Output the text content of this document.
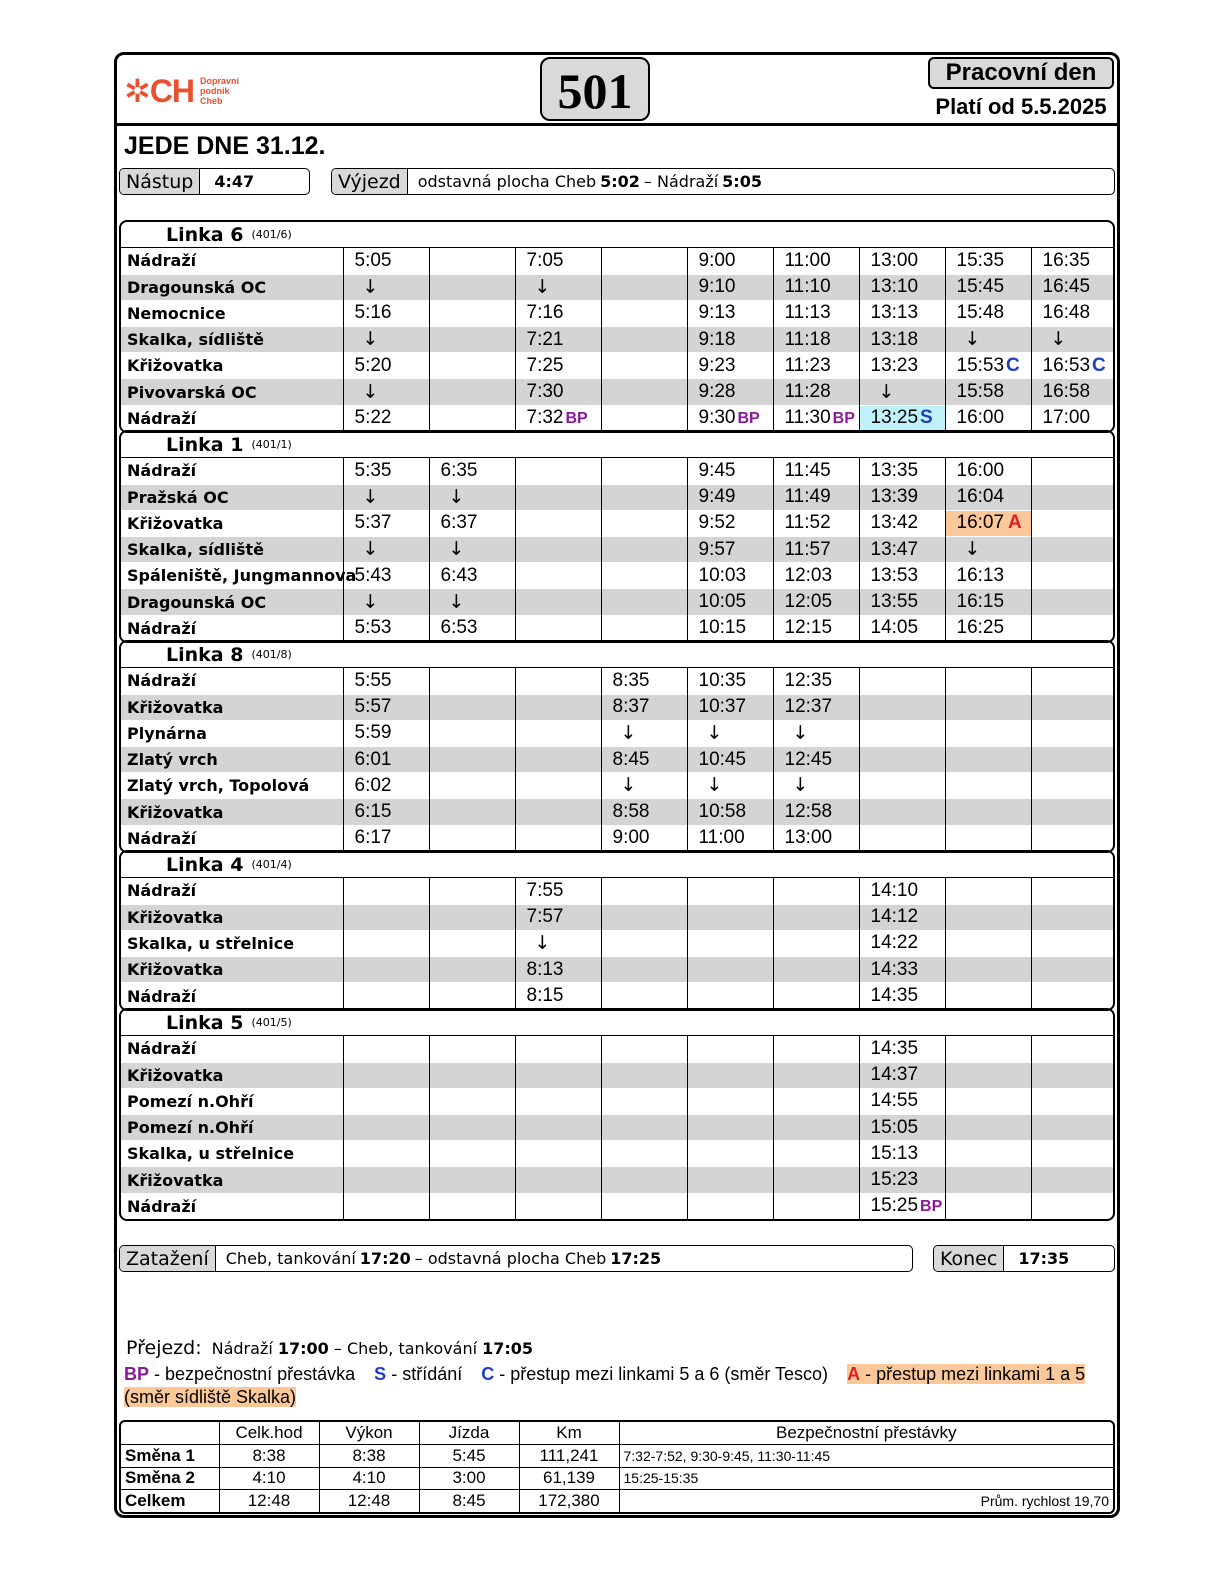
✲CH Dopravní
podnik
Cheb	501	Pracovní den
Platí od 5.5.2025
JEDE DNE 31.12.
Nástup	4:47	Výjezd	odstavná plocha Cheb 5:02 – Nádraží 5:05
Linka 6 (401/6)
Nádraží	5:05		7:05		9:00	11:00	13:00	15:35	16:35
Dragounská OC	↓		↓		9:10	11:10	13:10	15:45	16:45
Nemocnice	5:16		7:16		9:13	11:13	13:13	15:48	16:48
Skalka, sídliště	↓		7:21		9:18	11:18	13:18	↓	↓
Křižovatka	5:20		7:25		9:23	11:23	13:23	15:53 C	16:53 C
Pivovarská OC	↓		7:30		9:28	11:28	↓	15:58	16:58
Nádraží	5:22		7:32 BP		9:30 BP	11:30 BP	13:25 S	16:00	17:00
Linka 1 (401/1)
Nádraží	5:35	6:35			9:45	11:45	13:35	16:00	
Pražská OC	↓	↓			9:49	11:49	13:39	16:04	
Křižovatka	5:37	6:37			9:52	11:52	13:42	16:07 A	
Skalka, sídliště	↓	↓			9:57	11:57	13:47	↓	
Spáleniště, Jungmannova	5:43	6:43			10:03	12:03	13:53	16:13	
Dragounská OC	↓	↓			10:05	12:05	13:55	16:15	
Nádraží	5:53	6:53			10:15	12:15	14:05	16:25	
Linka 8 (401/8)
Nádraží	5:55			8:35	10:35	12:35			
Křižovatka	5:57			8:37	10:37	12:37			
Plynárna	5:59			↓	↓	↓			
Zlatý vrch	6:01			8:45	10:45	12:45			
Zlatý vrch, Topolová	6:02			↓	↓	↓			
Křižovatka	6:15			8:58	10:58	12:58			
Nádraží	6:17			9:00	11:00	13:00			
Linka 4 (401/4)
Nádraží			7:55				14:10		
Křižovatka			7:57				14:12		
Skalka, u střelnice			↓				14:22		
Křižovatka			8:13				14:33		
Nádraží			8:15				14:35		
Linka 5 (401/5)
Nádraží							14:35		
Křižovatka							14:37		
Pomezí n.Ohří							14:55		
Pomezí n.Ohří							15:05		
Skalka, u střelnice							15:13		
Křižovatka							15:23		
Nádraží							15:25 BP		
Zatažení	Cheb, tankování 17:20 – odstavná plocha Cheb 17:25	Konec	17:35
Přejezd: Nádraží 17:00 – Cheb, tankování 17:05
BP - bezpečnostní přestávka S - střídání C - přestup mezi linkami 5 a 6 (směr Tesco) A - přestup mezi linkami 1 a 5 (směr sídliště Skalka)
	Celk.hod	Výkon	Jízda	Km	Bezpečnostní přestávky
Směna 1	8:38	8:38	5:45	111,241	7:32-7:52, 9:30-9:45, 11:30-11:45
Směna 2	4:10	4:10	3:00	61,139	15:25-15:35
Celkem	12:48	12:48	8:45	172,380	Prům. rychlost 19,70
